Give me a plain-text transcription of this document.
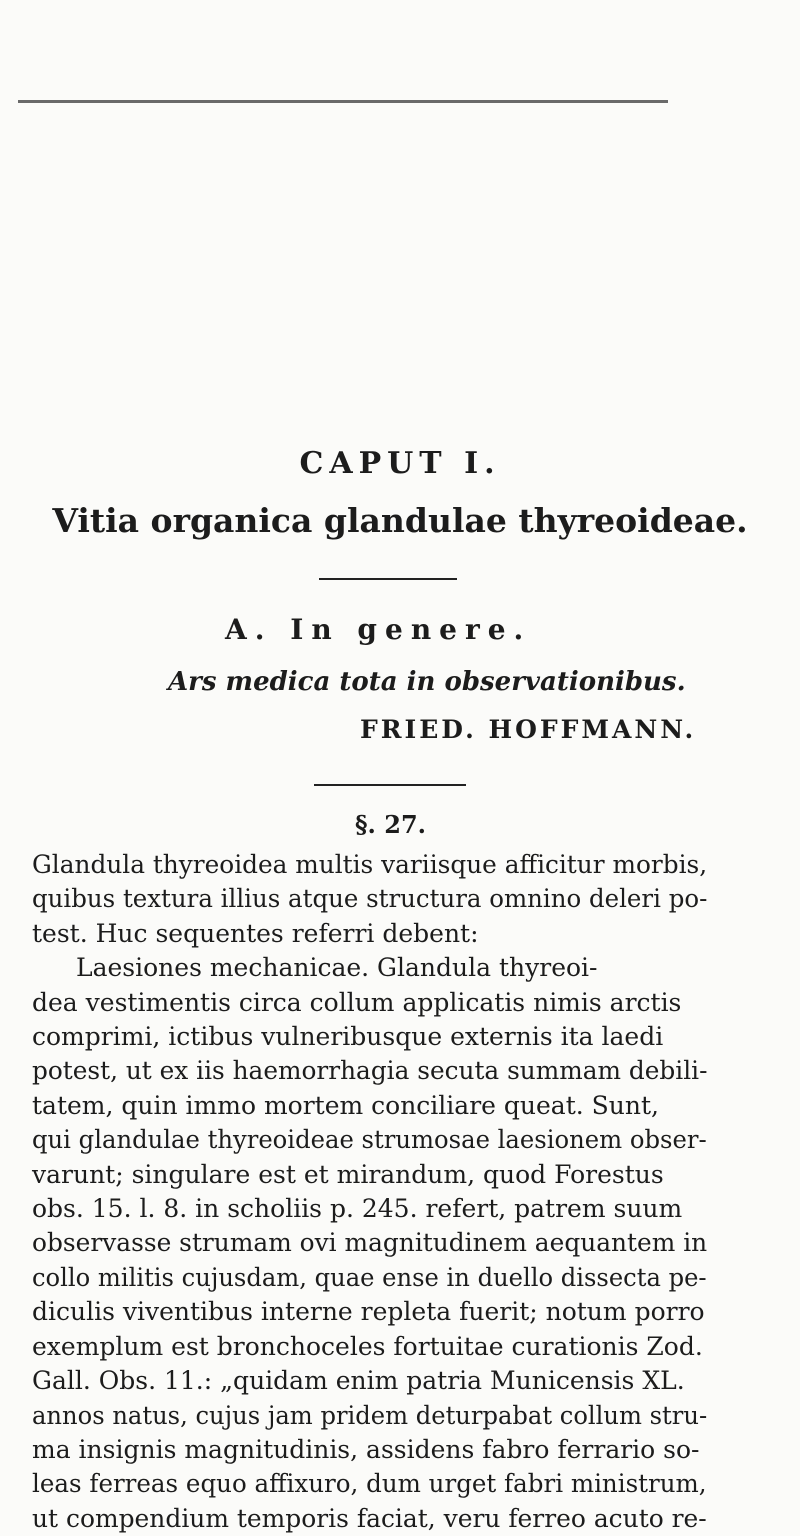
CAPUT I.
Vitia organica glandulae thyreoideae.
A. In genere.
Ars medica tota in observationibus.
FRIED. HOFFMANN.
§. 27.
Glandula thyreoidea multis variisque afficitur morbis,
quibus textura illius atque structura omnino deleri po-
test. Huc sequentes referri debent:
Laesiones mechanicae. Glandula thyreoi-
dea vestimentis circa collum applicatis nimis arctis
comprimi, ictibus vulneribusque externis ita laedi
potest, ut ex iis haemorrhagia secuta summam debili-
tatem, quin immo mortem conciliare queat. Sunt,
qui glandulae thyreoideae strumosae laesionem obser-
varunt; singulare est et mirandum, quod Forestus
obs. 15. l. 8. in scholiis p. 245. refert, patrem suum
observasse strumam ovi magnitudinem aequantem in
collo militis cujusdam, quae ense in duello dissecta pe-
diculis viventibus interne repleta fuerit; notum porro
exemplum est bronchoceles fortuitae curationis Zod.
Gall. Obs. 11.: „quidam enim patria Municensis XL.
annos natus, cujus jam pridem deturpabat collum stru-
ma insignis magnitudinis, assidens fabro ferrario so-
leas ferreas equo affixuro, dum urget fabri ministrum,
ut compendium temporis faciat, veru ferreo acuto re-
